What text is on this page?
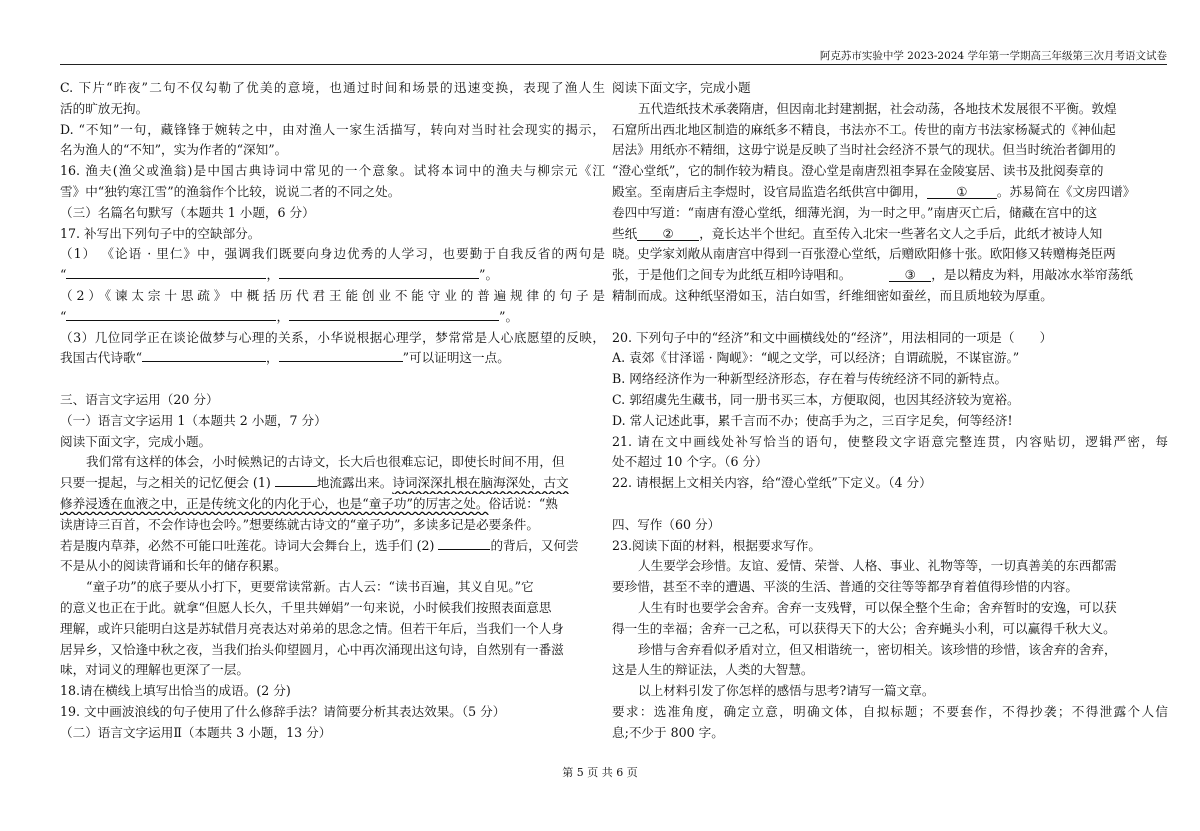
阿克苏市实验中学 2023-2024 学年第一学期高三年级第三次月考语文试卷
C. 下片“昨夜”二句不仅勾勒了优美的意境，也通过时间和场景的迅速变换，表现了渔人生
活的旷放无拘。
D. “不知”一句，藏锋锋于婉转之中，由对渔人一家生活描写，转向对当时社会现实的揭示，
名为渔人的“不知”，实为作者的“深知”。
16. 渔夫(渔父或渔翁)是中国古典诗词中常见的一个意象。试将本词中的渔夫与柳宗元《江
雪》中“独钓寒江雪”的渔翁作个比较，说说二者的不同之处。
（三）名篇名句默写（本题共 1 小题，6 分）
17. 补写出下列句子中的空缺部分。
（1） 《论语 · 里仁》中，强调我们既要向身边优秀的人学习，也要勤于自我反省的两句是
“	，	”。
（2）《谏太宗十思疏》中概括历代君王能创业不能守业的普遍规律的句子是
“	，	”。
（3）几位同学正在谈论做梦与心理的关系，小华说根据心理学，梦常常是人心底愿望的反映，
我国古代诗歌“	，	”可以证明这一点。
三、语言文字运用（20 分）
（一）语言文字运用 1（本题共 2 小题，7 分）
阅读下面文字，完成小题。
我们常有这样的体会，小时候熟记的古诗文，长大后也很难忘记，即使长时间不用，但
只要一提起，与之相关的记忆便会 (1)	地流露出来。诗词深深扎根在脑海深处，古文
修养浸透在血液之中，正是传统文化的内化于心，也是“童子功”的厉害之处。俗话说：“熟
读唐诗三百首，不会作诗也会吟。”想要练就古诗文的“童子功”，多读多记是必要条件。
若是腹内草莽，必然不可能口吐莲花。诗词大会舞台上，选手们 (2)	的背后，又何尝
不是从小的阅读背诵和长年的储存积累。
“童子功”的底子要从小打下，更要常读常新。古人云：“读书百遍，其义自见。”它
的意义也正在于此。就拿“但愿人长久，千里共婵娟”一句来说，小时候我们按照表面意思
理解，或许只能明白这是苏轼借月亮表达对弟弟的思念之情。但若干年后，当我们一个人身
居异乡，又恰逢中秋之夜，当我们抬头仰望圆月，心中再次涌现出这句诗，自然别有一番滋
味，对词义的理解也更深了一层。
18.请在横线上填写出恰当的成语。(2 分)
19. 文中画波浪线的句子使用了什么修辞手法？请简要分析其表达效果。（5 分）
（二）语言文字运用Ⅱ（本题共 3 小题，13 分）
阅读下面文字，完成小题
五代造纸技术承袭隋唐，但因南北封建割据，社会动荡，各地技术发展很不平衡。敦煌
石窟所出西北地区制造的麻纸多不精良，书法亦不工。传世的南方书法家杨凝式的《神仙起
居法》用纸亦不精细，这毋宁说是反映了当时社会经济不景气的现状。但当时统治者御用的
“澄心堂纸”，它的制作较为精良。澄心堂是南唐烈祖李昪在金陵宴居、读书及批阅奏章的
殿室。至南唐后主李煜时，设官局监造名纸供宫中御用， ① 。苏易简在《文房四谱》
卷四中写道：“南唐有澄心堂纸，细薄光润，为一时之甲。”南唐灭亡后，储藏在宫中的这
些纸 ② ，竟长达半个世纪。直至传入北宋一些著名文人之手后，此纸才被诗人知
晓。史学家刘敞从南唐宫中得到一百张澄心堂纸，后赠欧阳修十张。欧阳修又转赠梅尧臣两
张，于是他们之间专为此纸互相吟诗唱和。	③ ，是以精皮为料，用敲冰水举帘荡纸
精制而成。这种纸坚滑如玉，洁白如雪，纤维细密如蚕丝，而且质地较为厚重。
20. 下列句子中的“经济”和文中画横线处的“经济”，用法相同的一项是（　　）
A. 袁郊《甘泽谣 · 陶岘》：“岘之文学，可以经济；自谓疏脱，不谋宦游。”
B. 网络经济作为一种新型经济形态，存在着与传统经济不同的新特点。
C. 郭绍虞先生藏书，同一册书买三本，方便取阅，也因其经济较为宽裕。
D. 常人记述此事，累千言而不办；使高手为之，三百字足矣，何等经济!
21. 请在文中画线处补写恰当的语句，使整段文字语意完整连贯，内容贴切，逻辑严密，每
处不超过 10 个字。（6 分）
22. 请根据上文相关内容，给“澄心堂纸”下定义。（4 分）
四、写作（60 分）
23.阅读下面的材料，根据要求写作。
人生要学会珍惜。友谊、爱情、荣誉、人格、事业、礼物等等，一切真善美的东西都需
要珍惜，甚至不幸的遭遇、平淡的生活、普通的交往等等都孕育着值得珍惜的内容。
人生有时也要学会舍弃。舍弃一支残臂，可以保全整个生命；舍弃暂时的安逸，可以获
得一生的幸福；舍弃一己之私，可以获得天下的大公；舍弃蝇头小利，可以赢得千秋大义。
珍惜与舍弃看似矛盾对立，但又相谐统一，密切相关。该珍惜的珍惜，该舍弃的舍弃，
这是人生的辩证法，人类的大智慧。
以上材料引发了你怎样的感悟与思考?请写一篇文章。
要求：选准角度，确定立意，明确文体，自拟标题；不要套作，不得抄袭；不得泄露个人信
息;不少于 800 字。
第 5 页 共 6 页
